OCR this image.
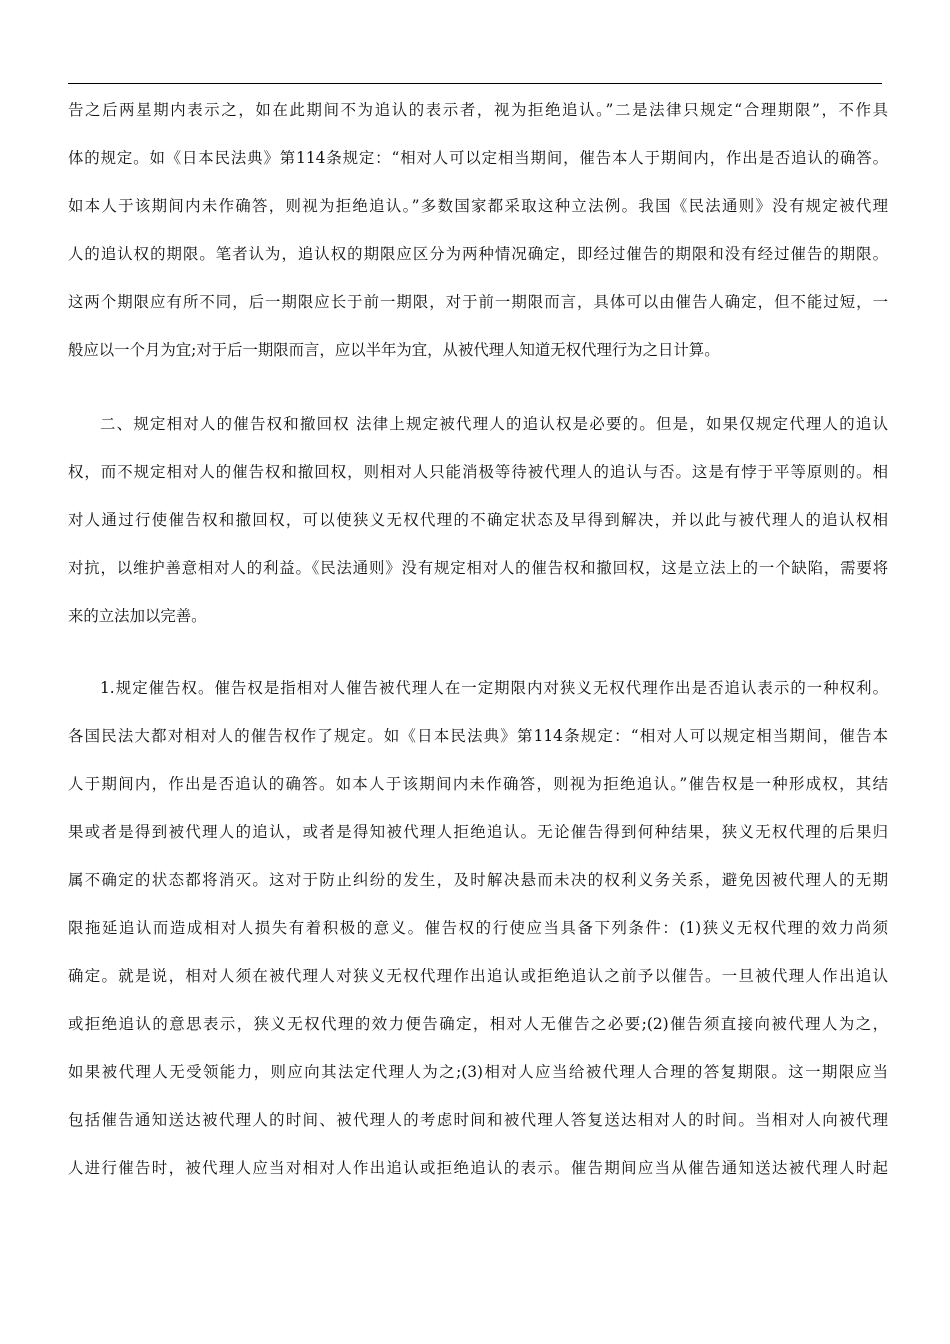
告之后两星期内表示之，如在此期间不为追认的表示者，视为拒绝追认。”二是法律只规定“合理期限”，不作具
体的规定。如《日本民法典》第114条规定：“相对人可以定相当期间，催告本人于期间内，作出是否追认的确答。
如本人于该期间内未作确答，则视为拒绝追认。”多数国家都采取这种立法例。我国《民法通则》没有规定被代理
人的追认权的期限。笔者认为，追认权的期限应区分为两种情况确定，即经过催告的期限和没有经过催告的期限。
这两个期限应有所不同，后一期限应长于前一期限，对于前一期限而言，具体可以由催告人确定，但不能过短，一
般应以一个月为宜;对于后一期限而言，应以半年为宜，从被代理人知道无权代理行为之日计算。
二、规定相对人的催告权和撤回权 法律上规定被代理人的追认权是必要的。但是，如果仅规定代理人的追认
权，而不规定相对人的催告权和撤回权，则相对人只能消极等待被代理人的追认与否。这是有悖于平等原则的。相
对人通过行使催告权和撤回权，可以使狭义无权代理的不确定状态及早得到解决，并以此与被代理人的追认权相
对抗，以维护善意相对人的利益。《民法通则》没有规定相对人的催告权和撤回权，这是立法上的一个缺陷，需要将
来的立法加以完善。
1.规定催告权。催告权是指相对人催告被代理人在一定期限内对狭义无权代理作出是否追认表示的一种权利。
各国民法大都对相对人的催告权作了规定。如《日本民法典》第114条规定：“相对人可以规定相当期间，催告本
人于期间内，作出是否追认的确答。如本人于该期间内未作确答，则视为拒绝追认。”催告权是一种形成权，其结
果或者是得到被代理人的追认，或者是得知被代理人拒绝追认。无论催告得到何种结果，狭义无权代理的后果归
属不确定的状态都将消灭。这对于防止纠纷的发生，及时解决悬而未决的权利义务关系，避免因被代理人的无期
限拖延追认而造成相对人损失有着积极的意义。催告权的行使应当具备下列条件：(1)狭义无权代理的效力尚须
确定。就是说，相对人须在被代理人对狭义无权代理作出追认或拒绝追认之前予以催告。一旦被代理人作出追认
或拒绝追认的意思表示，狭义无权代理的效力便告确定，相对人无催告之必要;(2)催告须直接向被代理人为之，
如果被代理人无受领能力，则应向其法定代理人为之;(3)相对人应当给被代理人合理的答复期限。这一期限应当
包括催告通知送达被代理人的时间、被代理人的考虑时间和被代理人答复送达相对人的时间。当相对人向被代理
人进行催告时，被代理人应当对相对人作出追认或拒绝追认的表示。催告期间应当从催告通知送达被代理人时起
